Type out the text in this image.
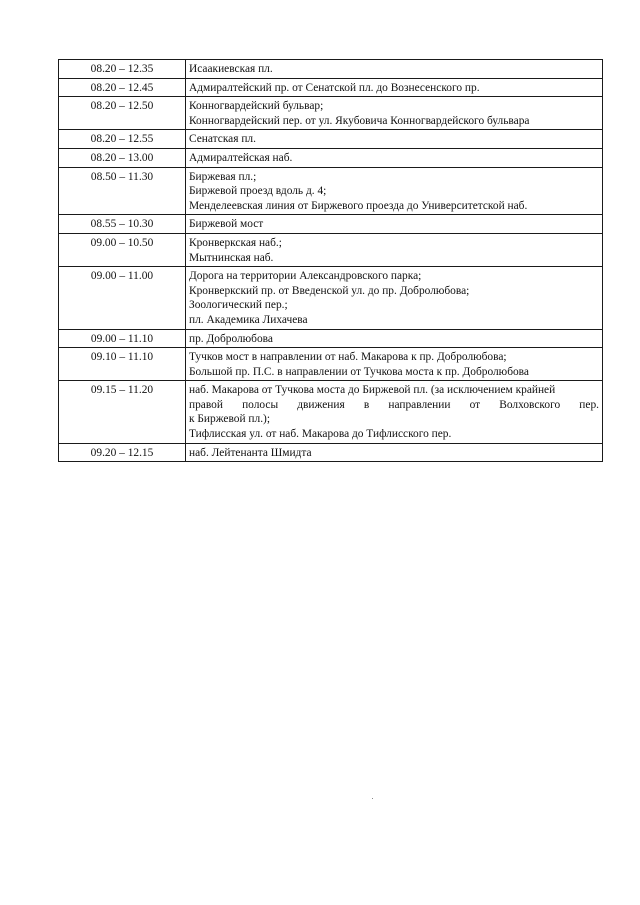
08.20 – 12.35	Исаакиевская пл.

08.20 – 12.45	Адмиралтейский пр. от Сенатской пл. до Вознесенского пр.

08.20 – 12.50	Конногвардейский бульвар;
Конногвардейский пер. от ул. Якубовича Конногвардейского бульвара

08.20 – 12.55	Сенатская пл.

08.20 – 13.00	Адмиралтейская наб.

08.50 – 11.30	Биржевая пл.;
Биржевой проезд вдоль д. 4;
Менделеевская линия от Биржевого проезда до Университетской наб.

08.55 – 10.30	Биржевой мост

09.00 – 10.50	Кронверкская наб.;
Мытнинская наб.

09.00 – 11.00	Дорога на территории Александровского парка;
Кронверкский пр. от Введенской ул. до пр. Добролюбова;
Зоологический пер.;
пл. Академика Лихачева

09.00 – 11.10	пр. Добролюбова

09.10 – 11.10	Тучков мост в направлении от наб. Макарова к пр. Добролюбова;
Большой пр. П.С. в направлении от Тучкова моста к пр. Добролюбова

09.15 – 11.20	наб. Макарова от Тучкова моста до Биржевой пл. (за исключением крайней
правой полосы движения в направлении от Волховского пер.
к Биржевой пл.);
Тифлисская ул. от наб. Макарова до Тифлисского пер.

09.20 – 12.15	наб. Лейтенанта Шмидта
